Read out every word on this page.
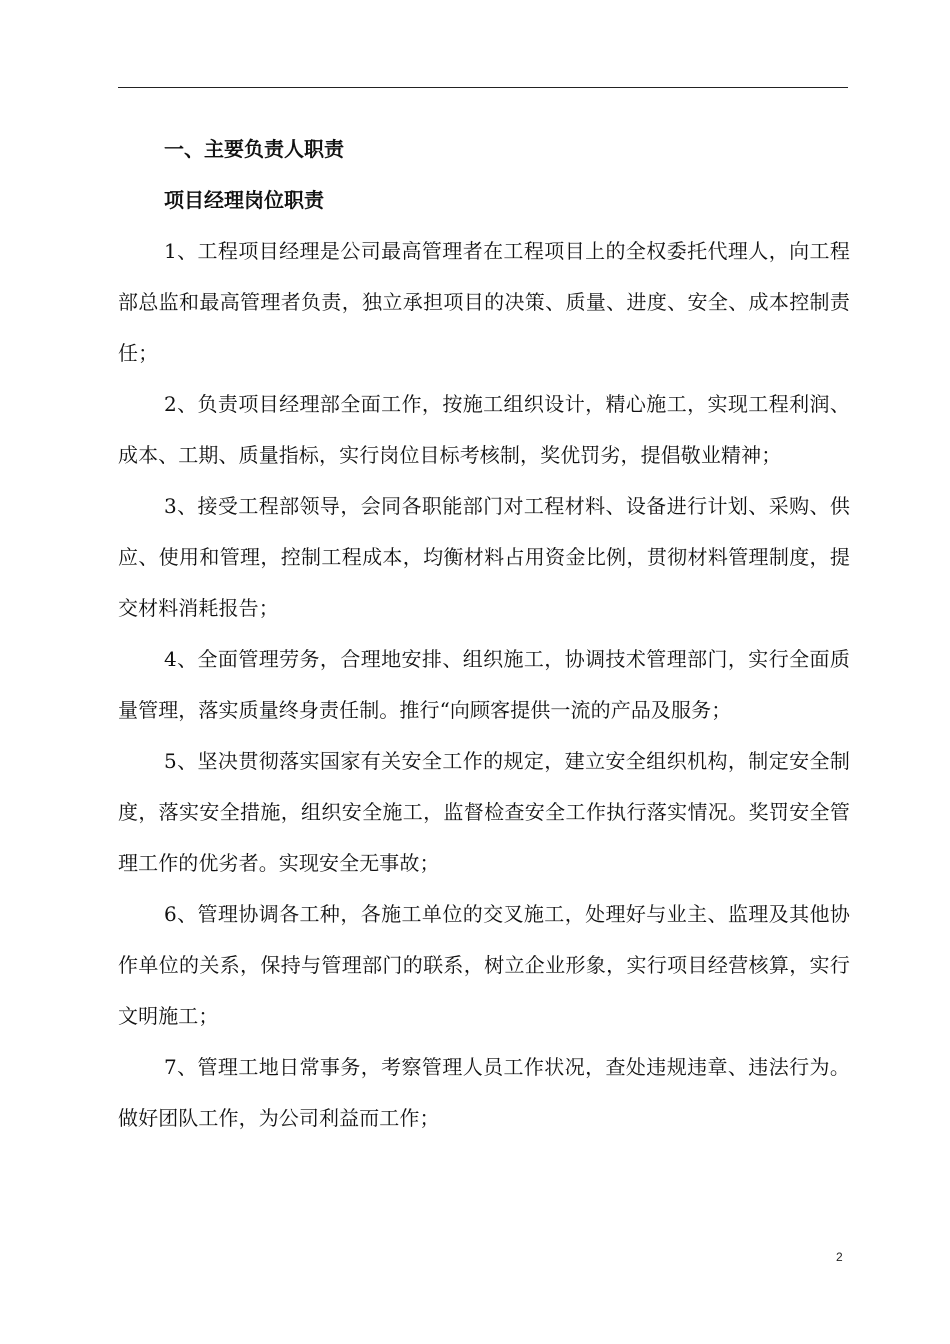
一、主要负责人职责
项目经理岗位职责

1、工程项目经理是公司最高管理者在工程项目上的全权委托代理人，向工程部总监和最高管理者负责，独立承担项目的决策、质量、进度、安全、成本控制责任；

2、负责项目经理部全面工作，按施工组织设计，精心施工，实现工程利润、成本、工期、质量指标，实行岗位目标考核制，奖优罚劣，提倡敬业精神；

3、接受工程部领导，会同各职能部门对工程材料、设备进行计划、采购、供应、使用和管理，控制工程成本，均衡材料占用资金比例，贯彻材料管理制度，提交材料消耗报告；

4、全面管理劳务，合理地安排、组织施工，协调技术管理部门，实行全面质量管理，落实质量终身责任制。推行“向顾客提供一流的产品及服务；

5、坚决贯彻落实国家有关安全工作的规定，建立安全组织机构，制定安全制度，落实安全措施，组织安全施工，监督检查安全工作执行落实情况。奖罚安全管理工作的优劣者。实现安全无事故；

6、管理协调各工种，各施工单位的交叉施工，处理好与业主、监理及其他协作单位的关系，保持与管理部门的联系，树立企业形象，实行项目经营核算，实行文明施工；

7、管理工地日常事务，考察管理人员工作状况，查处违规违章、违法行为。做好团队工作，为公司利益而工作；

2
